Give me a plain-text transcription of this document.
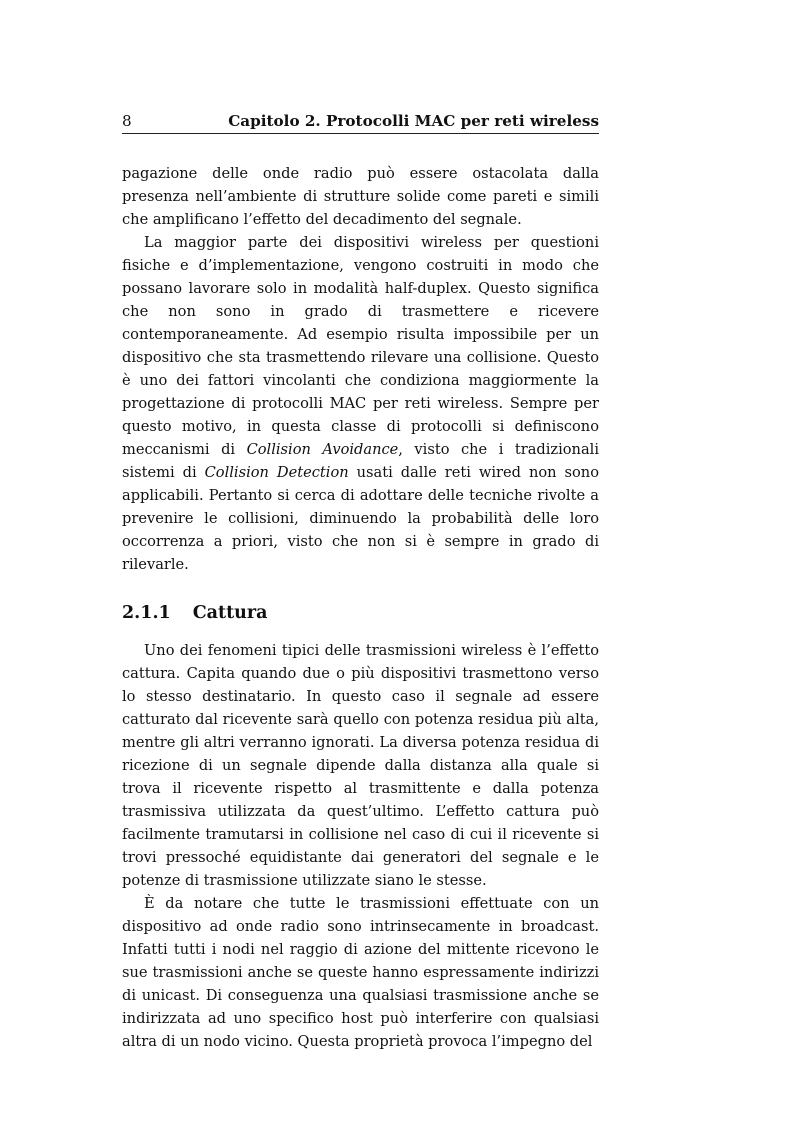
8	Capitolo 2. Protocolli MAC per reti wireless

pagazione delle onde radio può essere ostacolata dalla presenza nell’ambiente di strutture solide come pareti e simili che amplificano l’effetto del decadimento del segnale.

La maggior parte dei dispositivi wireless per questioni fisiche e d’implementazione, vengono costruiti in modo che possano lavorare solo in modalità half-duplex. Questo significa che non sono in grado di trasmettere e ricevere contemporaneamente. Ad esempio risulta impossibile per un dispositivo che sta trasmettendo rilevare una collisione. Questo è uno dei fattori vincolanti che condiziona maggiormente la progettazione di protocolli MAC per reti wireless. Sempre per questo motivo, in questa classe di protocolli si definiscono meccanismi di Collision Avoidance, visto che i tradizionali sistemi di Collision Detection usati dalle reti wired non sono applicabili. Pertanto si cerca di adottare delle tecniche rivolte a prevenire le collisioni, diminuendo la probabilità delle loro occorrenza a priori, visto che non si è sempre in grado di rilevarle.

2.1.1 Cattura

Uno dei fenomeni tipici delle trasmissioni wireless è l’effetto cattura. Capita quando due o più dispositivi trasmettono verso lo stesso destinatario. In questo caso il segnale ad essere catturato dal ricevente sarà quello con potenza residua più alta, mentre gli altri verranno ignorati. La diversa potenza residua di ricezione di un segnale dipende dalla distanza alla quale si trova il ricevente rispetto al trasmittente e dalla potenza trasmissiva utilizzata da quest’ultimo. L’effetto cattura può facilmente tramutarsi in collisione nel caso di cui il ricevente si trovi pressoché equidistante dai generatori del segnale e le potenze di trasmissione utilizzate siano le stesse.

È da notare che tutte le trasmissioni effettuate con un dispositivo ad onde radio sono intrinsecamente in broadcast. Infatti tutti i nodi nel raggio di azione del mittente ricevono le sue trasmissioni anche se queste hanno espressamente indirizzi di unicast. Di conseguenza una qualsiasi trasmissione anche se indirizzata ad uno specifico host può interferire con qualsiasi altra di un nodo vicino. Questa proprietà provoca l’impegno del
